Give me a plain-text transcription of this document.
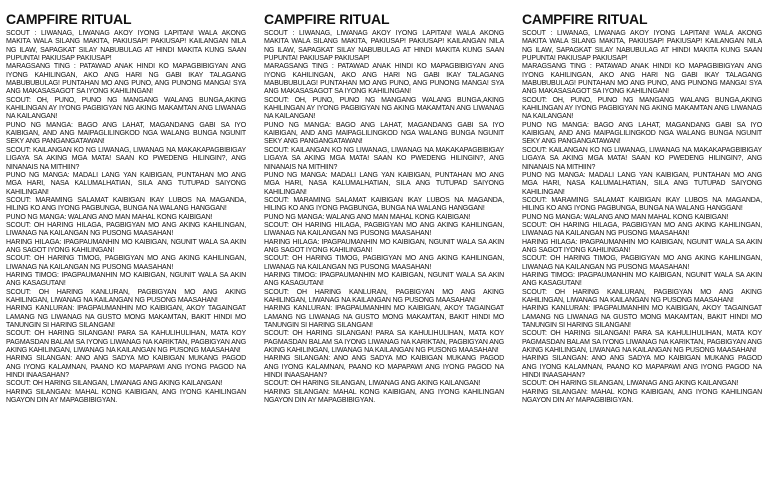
CAMPFIRE RITUAL

SCOUT : LIWANAG, LIWANAG AKOY IYONG LAPITAN! WALA AKONG MAKITA WALA SILANG MAKITA, PAKIUSAP! PAKIUSAP! KAILANGAN NILA NG ILAW, SAPAGKAT SILAY NABUBULAG AT HINDI MAKITA KUNG SAAN PUPUNTA! PAKIUSAP PAKIUSAP!

MARAGSANG TING : PATAWAD ANAK HINDI KO MAPAGBIBIGYAN ANG IYONG KAHILINGAN, AKO ANG HARI NG GABI IKAY TALAGANG MABUBUBULAG! PUNTAHAN MO ANG PUNO, ANG PUNONG MANGA! SYA ANG MAKASASAGOT SA IYONG KAHILINGAN!

SCOUT: OH, PUNO, PUNO NG MANGANG WALANG BUNGA,AKING KAHILINGAN AY IYONG PAGBIGYAN NG AKING MAKAMTAN ANG LIWANAG NA KAILANGAN!

PUNO NG MANGA: BAGO ANG LAHAT, MAGANDANG GABI SA IYO KAIBIGAN, AND ANG MAIPAGLILINGKOD NGA WALANG BUNGA NGUNIT SEKY ANG PANGANGATAWAN!

SCOUT: KAILANGAN KO NG LIWANAG, LIWANAG NA MAKAKAPAGBIBIGAY LIGAYA SA AKING MGA MATA! SAAN KO PWEDENG HILINGIN?, ANG NINANAIS NA MITHIIN?

PUNO NG MANGA: MADALI LANG YAN KAIBIGAN, PUNTAHAN MO ANG MGA HARI, NASA KALUMALHATIAN, SILA ANG TUTUPAD SAIYONG KAHILINGAN!

SCOUT: MARAMING SALAMAT KAIBIGAN IKAY LUBOS NA MAGANDA, HILING KO ANG IYONG PAGBUNGA, BUNGA NA WALANG HANGGAN!

PUNO NG MANGA: WALANG ANO MAN MAHAL KONG KAIBIGAN!

SCOUT: OH HARING HILAGA, PAGBIGYAN MO ANG AKING KAHILINGAN, LIWANAG NA KAILANGAN NG PUSONG MAASAHAN!

HARING HILAGA: IPAGPAUMANHIN MO KAIBIGAN, NGUNIT WALA SA AKIN ANG SAGOT IYONG KAHILINGAN!

SCOUT: OH HARING TIMOG, PAGBIGYAN MO ANG AKING KAHILINGAN, LIWANAG NA KAILANGAN NG PUSONG MAASAHAN!

HARING TIMOG: IPAGPAUMANHIN MO KAIBIGAN, NGUNIT WALA SA AKIN ANG KASAGUTAN!

SCOUT: OH HARING KANLURAN, PAGBIGYAN MO ANG AKING KAHILINGAN, LIWANAG NA KAILANGAN NG PUSONG MAASAHAN!

HARING KANLURAN: IPAGPAUMANHIN MO KAIBIGAN, AKOY TAGAINGAT LAMANG NG LIWANAG NA GUSTO MONG MAKAMTAN, BAKIT HINDI MO TANUNGIN SI HARING SILANGAN!

SCOUT: OH HARING SILANGAN! PARA SA KAHULIHULIHAN, MATA KOY PAGMASDAN BALAM SA IYONG LIWANAG NA KARIKTAN, PAGBIGYAN ANG AKING KAHILINGAN, LIWANAG NA KAILANGAN NG PUSONG MAASAHAN!

HARING SILANGAN: ANO ANG SADYA MO KAIBIGAN MUKANG PAGOD ANG IYONG KALAMNAN, PAANO KO MAPAPAWI ANG IYONG PAGOD NA HINDI INAASAHAN?

SCOUT: OH HARING SILANGAN, LIWANAG ANG AKING KAILANGAN!

HARING SILANGAN: MAHAL KONG KAIBIGAN, ANG IYONG KAHILINGAN NGAYON DIN AY MAPAGBIBIGYAN.

CAMPFIRE RITUAL

SCOUT : LIWANAG, LIWANAG AKOY IYONG LAPITAN! WALA AKONG MAKITA WALA SILANG MAKITA, PAKIUSAP! PAKIUSAP! KAILANGAN NILA NG ILAW, SAPAGKAT SILAY NABUBULAG AT HINDI MAKITA KUNG SAAN PUPUNTA! PAKIUSAP PAKIUSAP!

MARAGSANG TING : PATAWAD ANAK HINDI KO MAPAGBIBIGYAN ANG IYONG KAHILINGAN, AKO ANG HARI NG GABI IKAY TALAGANG MABUBUBULAG! PUNTAHAN MO ANG PUNO, ANG PUNONG MANGA! SYA ANG MAKASASAGOT SA IYONG KAHILINGAN!

SCOUT: OH, PUNO, PUNO NG MANGANG WALANG BUNGA,AKING KAHILINGAN AY IYONG PAGBIGYAN NG AKING MAKAMTAN ANG LIWANAG NA KAILANGAN!

PUNO NG MANGA: BAGO ANG LAHAT, MAGANDANG GABI SA IYO KAIBIGAN, AND ANG MAIPAGLILINGKOD NGA WALANG BUNGA NGUNIT SEKY ANG PANGANGATAWAN!

SCOUT: KAILANGAN KO NG LIWANAG, LIWANAG NA MAKAKAPAGBIBIGAY LIGAYA SA AKING MGA MATA! SAAN KO PWEDENG HILINGIN?, ANG NINANAIS NA MITHIIN?

PUNO NG MANGA: MADALI LANG YAN KAIBIGAN, PUNTAHAN MO ANG MGA HARI, NASA KALUMALHATIAN, SILA ANG TUTUPAD SAIYONG KAHILINGAN!

SCOUT: MARAMING SALAMAT KAIBIGAN IKAY LUBOS NA MAGANDA, HILING KO ANG IYONG PAGBUNGA, BUNGA NA WALANG HANGGAN!

PUNO NG MANGA: WALANG ANO MAN MAHAL KONG KAIBIGAN!

SCOUT: OH HARING HILAGA, PAGBIGYAN MO ANG AKING KAHILINGAN, LIWANAG NA KAILANGAN NG PUSONG MAASAHAN!

HARING HILAGA: IPAGPAUMANHIN MO KAIBIGAN, NGUNIT WALA SA AKIN ANG SAGOT IYONG KAHILINGAN!

SCOUT: OH HARING TIMOG, PAGBIGYAN MO ANG AKING KAHILINGAN, LIWANAG NA KAILANGAN NG PUSONG MAASAHAN!

HARING TIMOG: IPAGPAUMANHIN MO KAIBIGAN, NGUNIT WALA SA AKIN ANG KASAGUTAN!

SCOUT: OH HARING KANLURAN, PAGBIGYAN MO ANG AKING KAHILINGAN, LIWANAG NA KAILANGAN NG PUSONG MAASAHAN!

HARING KANLURAN: IPAGPAUMANHIN MO KAIBIGAN, AKOY TAGAINGAT LAMANG NG LIWANAG NA GUSTO MONG MAKAMTAN, BAKIT HINDI MO TANUNGIN SI HARING SILANGAN!

SCOUT: OH HARING SILANGAN! PARA SA KAHULIHULIHAN, MATA KOY PAGMASDAN BALAM SA IYONG LIWANAG NA KARIKTAN, PAGBIGYAN ANG AKING KAHILINGAN, LIWANAG NA KAILANGAN NG PUSONG MAASAHAN!

HARING SILANGAN: ANO ANG SADYA MO KAIBIGAN MUKANG PAGOD ANG IYONG KALAMNAN, PAANO KO MAPAPAWI ANG IYONG PAGOD NA HINDI INAASAHAN?

SCOUT: OH HARING SILANGAN, LIWANAG ANG AKING KAILANGAN!

HARING SILANGAN: MAHAL KONG KAIBIGAN, ANG IYONG KAHILINGAN NGAYON DIN AY MAPAGBIBIGYAN.

CAMPFIRE RITUAL

SCOUT : LIWANAG, LIWANAG AKOY IYONG LAPITAN! WALA AKONG MAKITA WALA SILANG MAKITA, PAKIUSAP! PAKIUSAP! KAILANGAN NILA NG ILAW, SAPAGKAT SILAY NABUBULAG AT HINDI MAKITA KUNG SAAN PUPUNTA! PAKIUSAP PAKIUSAP!

MARAGSANG TING : PATAWAD ANAK HINDI KO MAPAGBIBIGYAN ANG IYONG KAHILINGAN, AKO ANG HARI NG GABI IKAY TALAGANG MABUBUBULAG! PUNTAHAN MO ANG PUNO, ANG PUNONG MANGA! SYA ANG MAKASASAGOT SA IYONG KAHILINGAN!

SCOUT: OH, PUNO, PUNO NG MANGANG WALANG BUNGA,AKING KAHILINGAN AY IYONG PAGBIGYAN NG AKING MAKAMTAN ANG LIWANAG NA KAILANGAN!

PUNO NG MANGA: BAGO ANG LAHAT, MAGANDANG GABI SA IYO KAIBIGAN, AND ANG MAIPAGLILINGKOD NGA WALANG BUNGA NGUNIT SEKY ANG PANGANGATAWAN!

SCOUT: KAILANGAN KO NG LIWANAG, LIWANAG NA MAKAKAPAGBIBIGAY LIGAYA SA AKING MGA MATA! SAAN KO PWEDENG HILINGIN?, ANG NINANAIS NA MITHIIN?

PUNO NG MANGA: MADALI LANG YAN KAIBIGAN, PUNTAHAN MO ANG MGA HARI, NASA KALUMALHATIAN, SILA ANG TUTUPAD SAIYONG KAHILINGAN!

SCOUT: MARAMING SALAMAT KAIBIGAN IKAY LUBOS NA MAGANDA, HILING KO ANG IYONG PAGBUNGA, BUNGA NA WALANG HANGGAN!

PUNO NG MANGA: WALANG ANO MAN MAHAL KONG KAIBIGAN!

SCOUT: OH HARING HILAGA, PAGBIGYAN MO ANG AKING KAHILINGAN, LIWANAG NA KAILANGAN NG PUSONG MAASAHAN!

HARING HILAGA: IPAGPAUMANHIN MO KAIBIGAN, NGUNIT WALA SA AKIN ANG SAGOT IYONG KAHILINGAN!

SCOUT: OH HARING TIMOG, PAGBIGYAN MO ANG AKING KAHILINGAN, LIWANAG NA KAILANGAN NG PUSONG MAASAHAN!

HARING TIMOG: IPAGPAUMANHIN MO KAIBIGAN, NGUNIT WALA SA AKIN ANG KASAGUTAN!

SCOUT: OH HARING KANLURAN, PAGBIGYAN MO ANG AKING KAHILINGAN, LIWANAG NA KAILANGAN NG PUSONG MAASAHAN!

HARING KANLURAN: IPAGPAUMANHIN MO KAIBIGAN, AKOY TAGAINGAT LAMANG NG LIWANAG NA GUSTO MONG MAKAMTAN, BAKIT HINDI MO TANUNGIN SI HARING SILANGAN!

SCOUT: OH HARING SILANGAN! PARA SA KAHULIHULIHAN, MATA KOY PAGMASDAN BALAM SA IYONG LIWANAG NA KARIKTAN, PAGBIGYAN ANG AKING KAHILINGAN, LIWANAG NA KAILANGAN NG PUSONG MAASAHAN!

HARING SILANGAN: ANO ANG SADYA MO KAIBIGAN MUKANG PAGOD ANG IYONG KALAMNAN, PAANO KO MAPAPAWI ANG IYONG PAGOD NA HINDI INAASAHAN?

SCOUT: OH HARING SILANGAN, LIWANAG ANG AKING KAILANGAN!

HARING SILANGAN: MAHAL KONG KAIBIGAN, ANG IYONG KAHILINGAN NGAYON DIN AY MAPAGBIBIGYAN.
